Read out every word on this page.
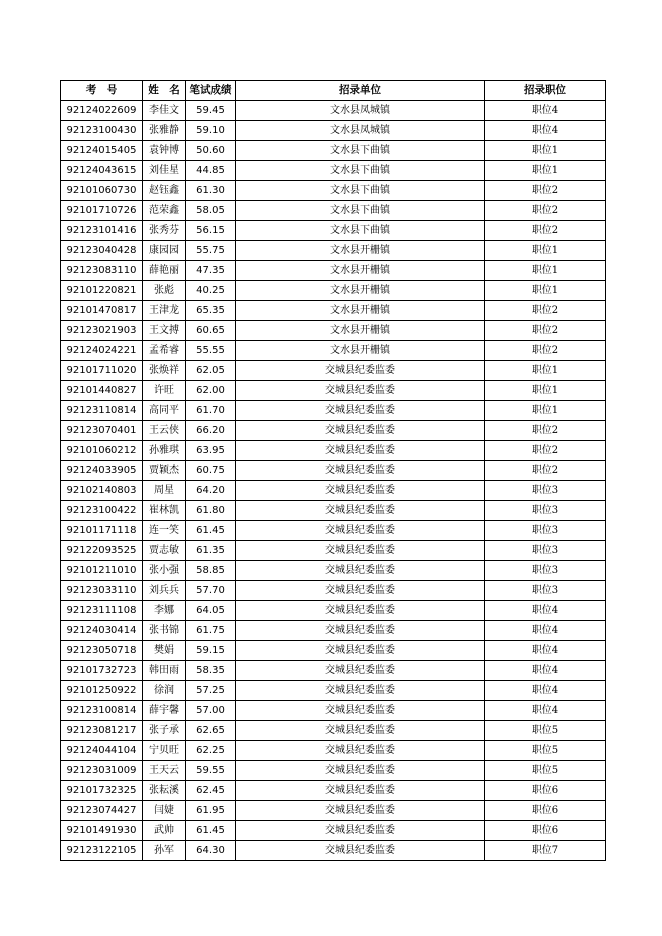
考　号	姓　名	笔试成绩	招录单位	招录职位
92124022609	李佳文	59.45	文水县凤城镇	职位4
92123100430	张雅静	59.10	文水县凤城镇	职位4
92124015405	袁钟博	50.60	文水县下曲镇	职位1
92124043615	刘佳星	44.85	文水县下曲镇	职位1
92101060730	赵钰鑫	61.30	文水县下曲镇	职位2
92101710726	范荣鑫	58.05	文水县下曲镇	职位2
92123101416	张秀芬	56.15	文水县下曲镇	职位2
92123040428	康园园	55.75	文水县开栅镇	职位1
92123083110	薛艳丽	47.35	文水县开栅镇	职位1
92101220821	张彪	40.25	文水县开栅镇	职位1
92101470817	王津龙	65.35	文水县开栅镇	职位2
92123021903	王文搏	60.65	文水县开栅镇	职位2
92124024221	孟希睿	55.55	文水县开栅镇	职位2
92101711020	张焕祥	62.05	交城县纪委监委	职位1
92101440827	许旺	62.00	交城县纪委监委	职位1
92123110814	高同平	61.70	交城县纪委监委	职位1
92123070401	王云侠	66.20	交城县纪委监委	职位2
92101060212	孙雅琪	63.95	交城县纪委监委	职位2
92124033905	贾颖杰	60.75	交城县纪委监委	职位2
92102140803	周星	64.20	交城县纪委监委	职位3
92123100422	崔林凯	61.80	交城县纪委监委	职位3
92101171118	连一笑	61.45	交城县纪委监委	职位3
92122093525	贾志敏	61.35	交城县纪委监委	职位3
92101211010	张小强	58.85	交城县纪委监委	职位3
92123033110	刘兵兵	57.70	交城县纪委监委	职位3
92123111108	李娜	64.05	交城县纪委监委	职位4
92124030414	张书锦	61.75	交城县纪委监委	职位4
92123050718	樊娟	59.15	交城县纪委监委	职位4
92101732723	韩田雨	58.35	交城县纪委监委	职位4
92101250922	徐润	57.25	交城县纪委监委	职位4
92123100814	薛宇馨	57.00	交城县纪委监委	职位4
92123081217	张子承	62.65	交城县纪委监委	职位5
92124044104	宁贝旺	62.25	交城县纪委监委	职位5
92123031009	王天云	59.55	交城县纪委监委	职位5
92101732325	张耘溪	62.45	交城县纪委监委	职位6
92123074427	闫婕	61.95	交城县纪委监委	职位6
92101491930	武帅	61.45	交城县纪委监委	职位6
92123122105	孙军	64.30	交城县纪委监委	职位7
